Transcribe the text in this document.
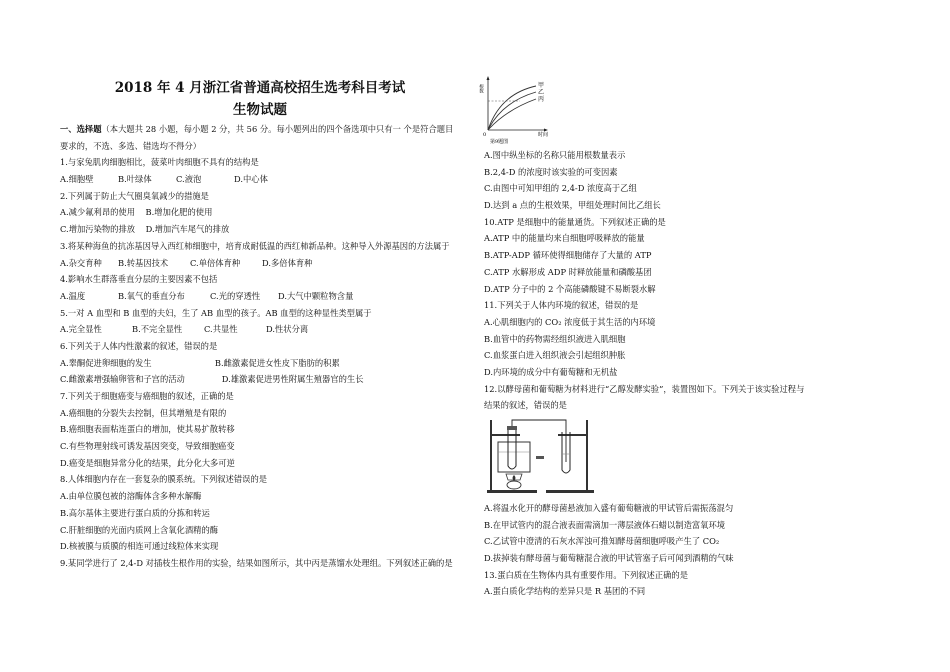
2018 年 4 月浙江省普通高校招生选考科目考试
生物试题
一、选择题（本大题共 28 小题，每小题 2 分，共 56 分。每小题列出的四个备选项中只有一 个是符合题目
要求的，不选、多选、错选均不得分）
1.与家兔肌肉细胞相比，菠菜叶肉细胞不具有的结构是
A.细胞壁	B.叶绿体	C.液泡	D.中心体
2.下列属于防止大气圈臭氧减少的措施是
A.减少氟利昂的使用    B.增加化肥的使用
C.增加污染物的排放    D.增加汽车尾气的排放
3.将某种海鱼的抗冻基因导入西红柿细胞中，培育成耐低温的西红柿新品种。这种导入外源基因的方法属于
A.杂交育种	B.转基因技术	C.单倍体育种	D.多倍体育种
4.影响水生群落垂直分层的主要因素不包括
A.温度	B.氧气的垂直分布	C.光的穿透性	D.大气中颗粒物含量
5.一对 A 血型和 B 血型的夫妇，生了 AB 血型的孩子。AB 血型的这种显性类型属于
A.完全显性	B.不完全显性	C.共显性	D.性状分离
6.下列关于人体内性激素的叙述，错误的是
A.睾酮促进卵细胞的发生                        B.雌激素促进女性皮下脂肪的积累
C.雌激素增强输卵管和子宫的活动              D.雄激素促进男性附属生殖器官的生长
7.下列关于细胞癌变与癌细胞的叙述，正确的是
A.癌细胞的分裂失去控制，但其增殖是有限的
B.癌细胞表面粘连蛋白的增加，使其易扩散转移
C.有些物理射线可诱发基因突变，导致细胞癌变
D.癌变是细胞异常分化的结果，此分化大多可逆
8.人体细胞内存在一套复杂的膜系统。下列叙述错误的是
A.由单位膜包被的溶酶体含多种水解酶
B.高尔基体主要进行蛋白质的分拣和转运
C.肝脏细胞的光面内质网上含氧化酒精的酶
D.核被膜与质膜的相连可通过线粒体来实现
9.某同学进行了 2,4-D 对插枝生根作用的实验，结果如图所示，其中丙是蒸馏水处理组。下列叙述正确的是
甲
乙
丙
根数
0	时间
第9题图
A.图中纵坐标的名称只能用根数量表示
B.2,4-D 的浓度时该实验的可变因素
C.由图中可知甲组的 2,4-D 浓度高于乙组
D.达到 a 点的生根效果，甲组处理时间比乙组长
10.ATP 是细胞中的能量通货。下列叙述正确的是
A.ATP 中的能量均来自细胞呼吸释放的能量
B.ATP-ADP 循环使得细胞储存了大量的 ATP
C.ATP 水解形成 ADP 时释放能量和磷酸基团
D.ATP 分子中的 2 个高能磷酸键不易断裂水解
11.下列关于人体内环境的叙述，错误的是
A.心肌细胞内的 CO₂ 浓度低于其生活的内环境
B.血管中的药物需经组织液进入肌细胞
C.血浆蛋白进入组织液会引起组织肿胀
D.内环境的成分中有葡萄糖和无机盐
12.以酵母菌和葡萄糖为材料进行“乙醇发酵实验”，装置图如下。下列关于该实验过程与
结果的叙述，错误的是
A.将温水化开的酵母菌悬液加入盛有葡萄糖液的甲试管后需振荡混匀
B.在甲试管内的混合液表面需滴加一薄层液体石蜡以制造富氧环境
C.乙试管中澄清的石灰水浑浊可推知酵母菌细胞呼吸产生了 CO₂
D.拔掉装有酵母菌与葡萄糖混合液的甲试管塞子后可闻到酒精的气味
13.蛋白质在生物体内具有重要作用。下列叙述正确的是
A.蛋白质化学结构的差异只是 R 基团的不同
